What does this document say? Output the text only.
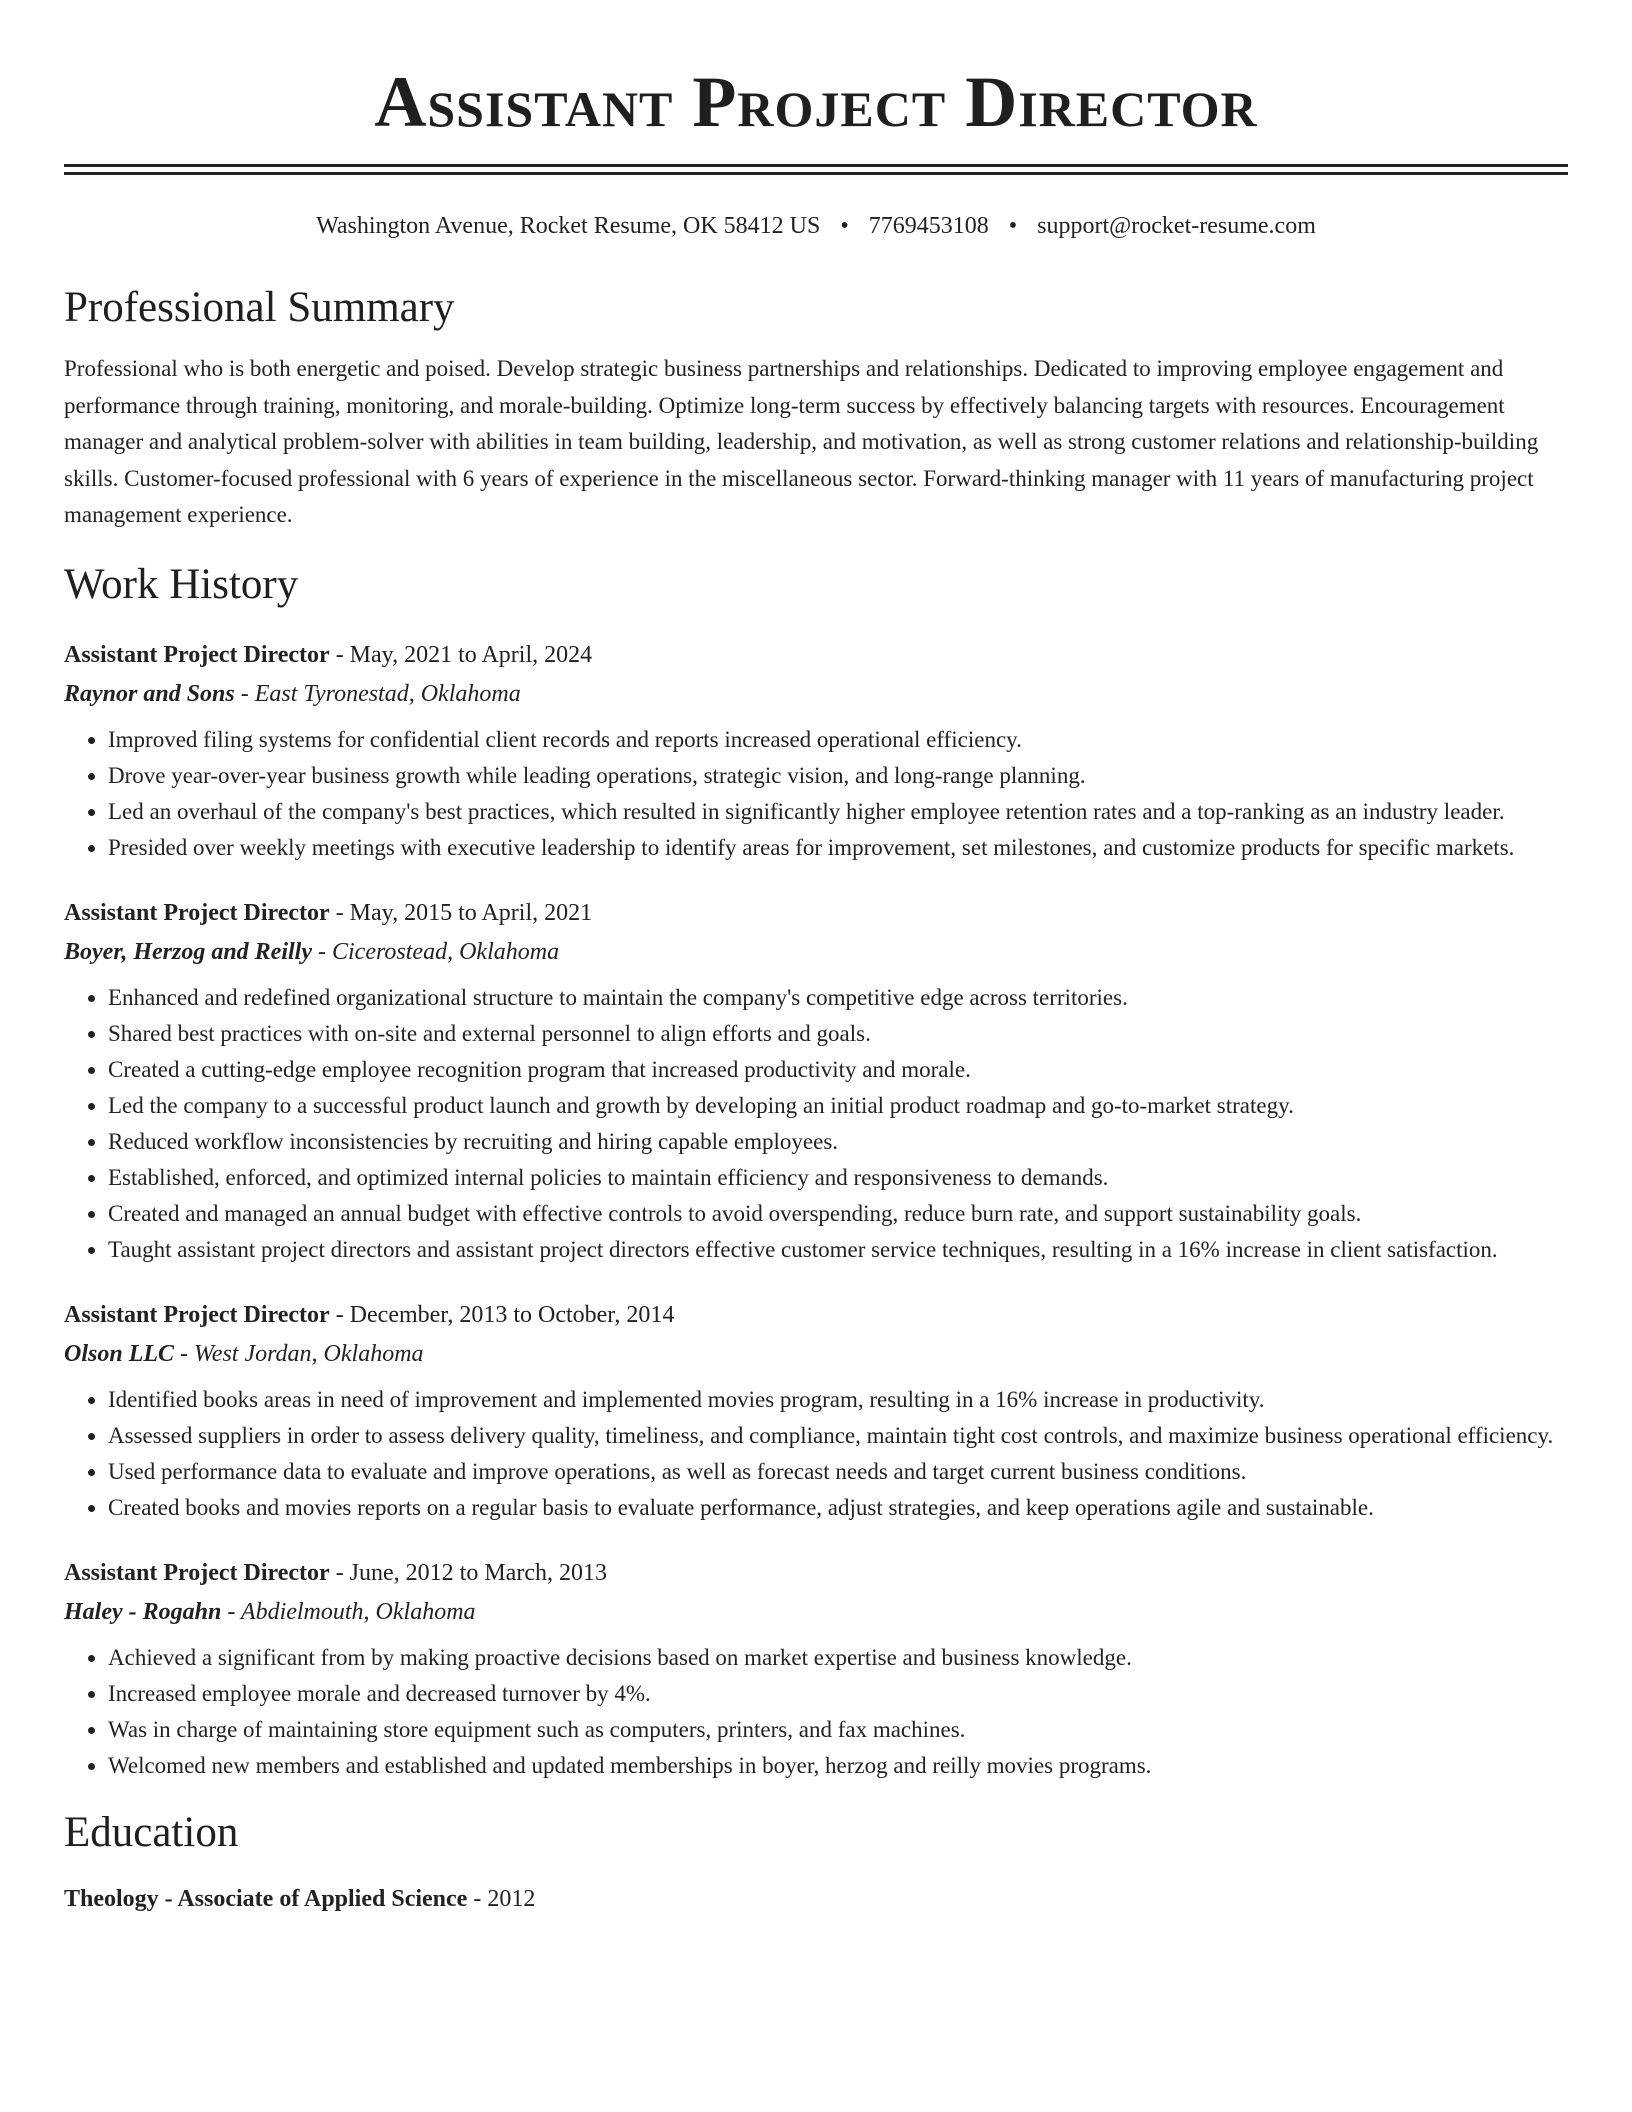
Assistant Project Director
Washington Avenue, Rocket Resume, OK 58412 US • 7769453108 • support@rocket-resume.com
Professional Summary

Professional who is both energetic and poised. Develop strategic business partnerships and relationships. Dedicated to improving employee engagement and performance through training, monitoring, and morale-building. Optimize long-term success by effectively balancing targets with resources. Encouragement manager and analytical problem-solver with abilities in team building, leadership, and motivation, as well as strong customer relations and relationship-building skills. Customer-focused professional with 6 years of experience in the miscellaneous sector. Forward-thinking manager with 11 years of manufacturing project management experience.

Work History
Assistant Project Director - May, 2021 to April, 2024
Raynor and Sons - East Tyronestad, Oklahoma
• Improved filing systems for confidential client records and reports increased operational efficiency.
• Drove year-over-year business growth while leading operations, strategic vision, and long-range planning.
• Led an overhaul of the company's best practices, which resulted in significantly higher employee retention rates and a top-ranking as an industry leader.
• Presided over weekly meetings with executive leadership to identify areas for improvement, set milestones, and customize products for specific markets.
Assistant Project Director - May, 2015 to April, 2021
Boyer, Herzog and Reilly - Cicerostead, Oklahoma
• Enhanced and redefined organizational structure to maintain the company's competitive edge across territories.
• Shared best practices with on-site and external personnel to align efforts and goals.
• Created a cutting-edge employee recognition program that increased productivity and morale.
• Led the company to a successful product launch and growth by developing an initial product roadmap and go-to-market strategy.
• Reduced workflow inconsistencies by recruiting and hiring capable employees.
• Established, enforced, and optimized internal policies to maintain efficiency and responsiveness to demands.
• Created and managed an annual budget with effective controls to avoid overspending, reduce burn rate, and support sustainability goals.
• Taught assistant project directors and assistant project directors effective customer service techniques, resulting in a 16% increase in client satisfaction.
Assistant Project Director - December, 2013 to October, 2014
Olson LLC - West Jordan, Oklahoma
• Identified books areas in need of improvement and implemented movies program, resulting in a 16% increase in productivity.
• Assessed suppliers in order to assess delivery quality, timeliness, and compliance, maintain tight cost controls, and maximize business operational efficiency.
• Used performance data to evaluate and improve operations, as well as forecast needs and target current business conditions.
• Created books and movies reports on a regular basis to evaluate performance, adjust strategies, and keep operations agile and sustainable.
Assistant Project Director - June, 2012 to March, 2013
Haley - Rogahn - Abdielmouth, Oklahoma
• Achieved a significant from by making proactive decisions based on market expertise and business knowledge.
• Increased employee morale and decreased turnover by 4%.
• Was in charge of maintaining store equipment such as computers, printers, and fax machines.
• Welcomed new members and established and updated memberships in boyer, herzog and reilly movies programs.
Education
Theology - Associate of Applied Science - 2012
